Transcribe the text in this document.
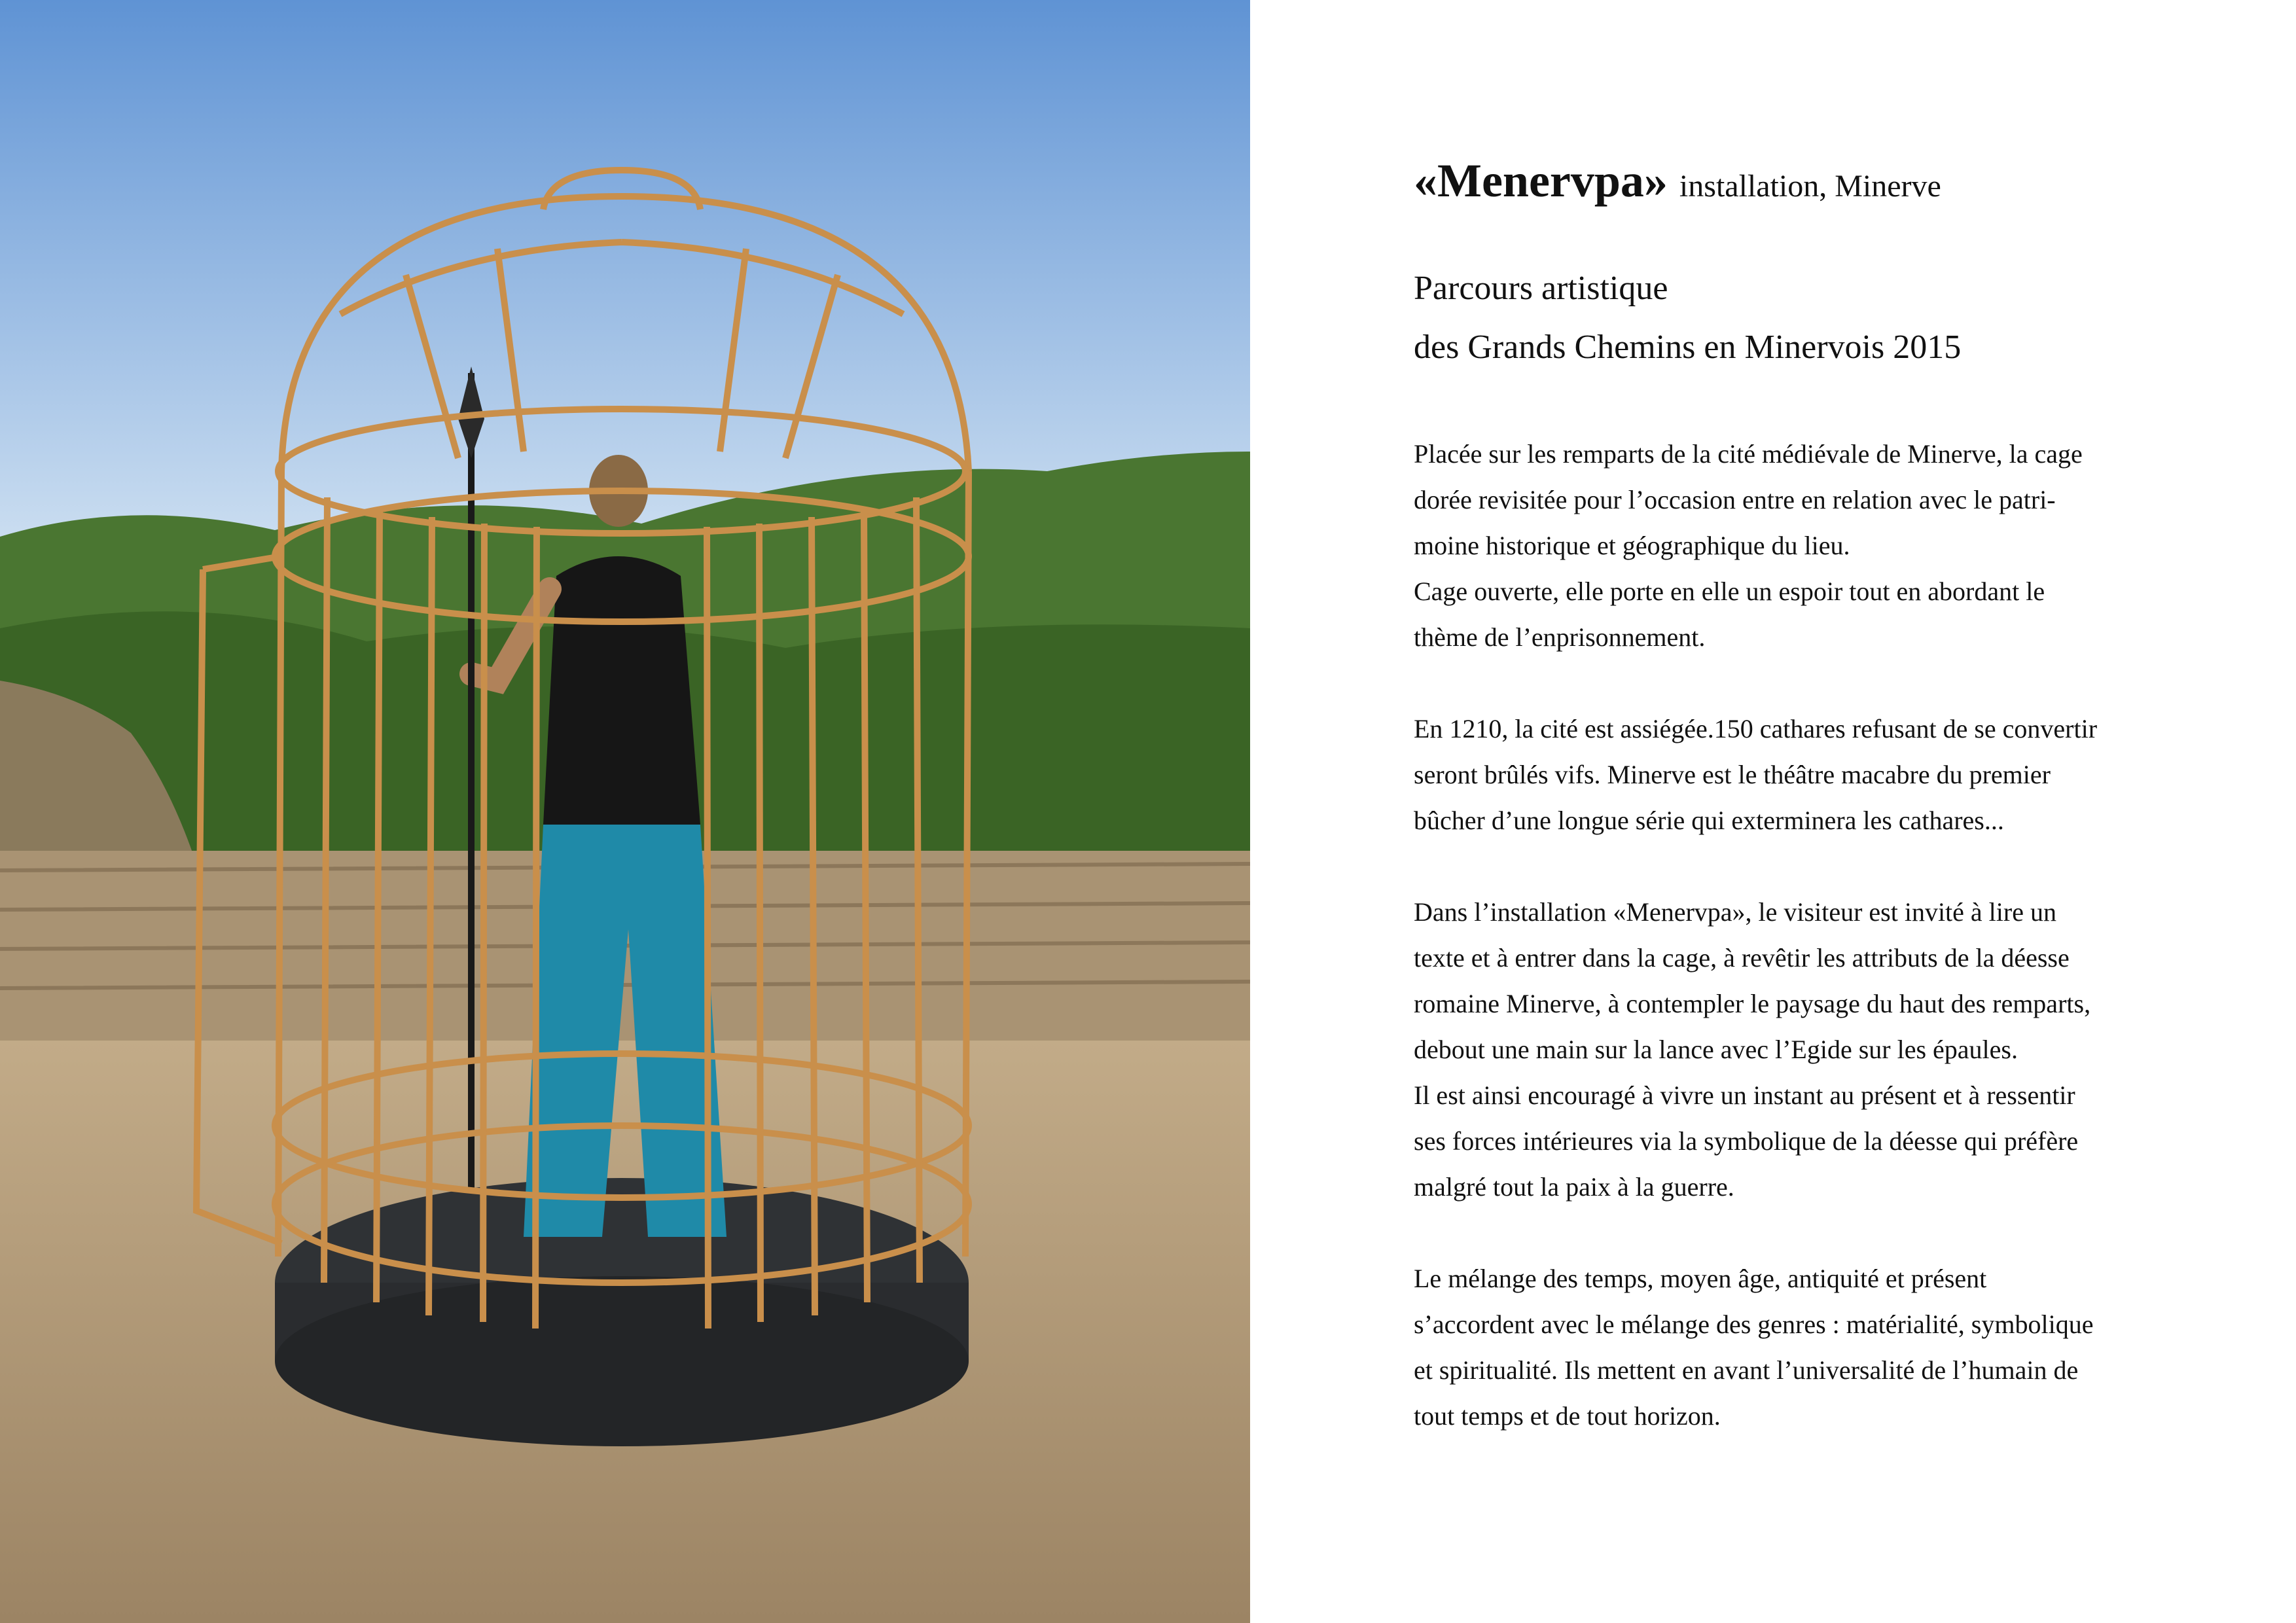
«Menervpa» installation, Minerve

Parcours artistique
des Grands Chemins en Minervois 2015
Placée sur les remparts de la cité médiévale de Minerve, la cage
dorée revisitée pour l’occasion entre en relation avec le patri-
moine historique et géographique du lieu.
Cage ouverte, elle porte en elle un espoir tout en abordant le
thème de l’enprisonnement.
En 1210, la cité est assiégée.150 cathares refusant de se convertir
seront brûlés vifs. Minerve est le théâtre macabre du premier
bûcher d’une longue série qui exterminera les cathares...
Dans l’installation «Menervpa», le visiteur est invité à lire un
texte et à entrer dans la cage, à revêtir les attributs de la déesse
romaine Minerve, à contempler le paysage du haut des remparts,
debout une main sur la lance avec l’Egide sur les épaules.
Il est ainsi encouragé à vivre un instant au présent et à ressentir
ses forces intérieures via la symbolique de la déesse qui préfère
malgré tout la paix à la guerre.
Le mélange des temps, moyen âge, antiquité et présent
s’accordent avec le mélange des genres : matérialité, symbolique
et spiritualité. Ils mettent en avant l’universalité de l’humain de
tout temps et de tout horizon.
